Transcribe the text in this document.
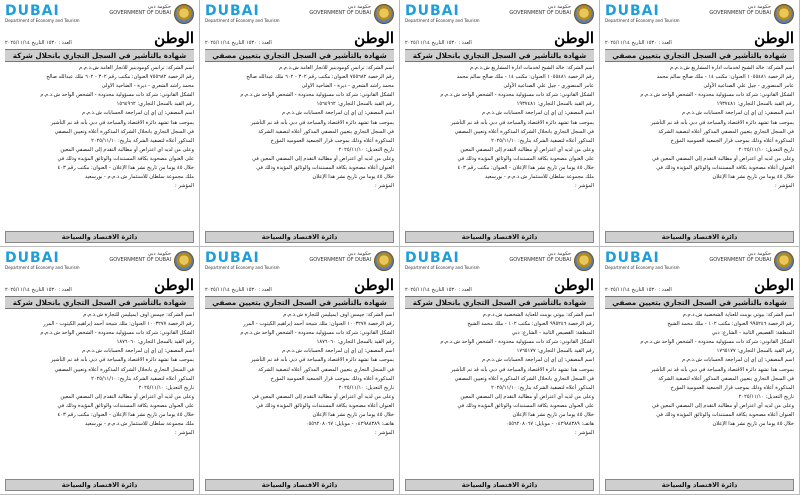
DUBAI
Department of Economy and Tourism
حكومة دبي
GOVERNMENT OF DUBAI
الوطن
العدد : ١٥٣٠ التاريخ ٢٠٢٥/١١/١٤
شهادة بالتأشير في السجل التجاري بانحلال شركة
اسم الشركة: ترانس كوموديتيز للاتجار العامة ش.ذ.م.م
رقم الرخصة ٧٥٥٦٨٢ العنوان: مكتب رقم ٣٠٢ - ٦٠٢ ملك عبدالله صالح
محمد راشد الشعري - ديرة - الضاحية الاولى
الشكل القانوني: شركة ذات مسؤولية محدودة - الشخص الواحد ش.ذ.م.م
رقم القيد بالسجل التجاري: ١٥٦٤٩٦٢
اسم المصفي: إن إي إن لمراجعة الحسابات ش.ذ.م.م
بموجب هذا تشهد دائرة الاقتصاد والسياحة في دبي بأنه قد تم التأشير
في السجل التجاري بانحلال الشركة المذكورة أعلاه وتعيين المصفي
المذكور أعلاه لتصفية الشركة بتاريخ: ٢٠٢٥/١١/١٠
وعلى من لديه اي اعتراض أو مطالبة التقدم إلى المصفي المعين
على العنوان مصحوبة بكافة المستندات والوثائق المؤيدة وذلك في
خلال ٤٥ يوما من تاريخ نشر هذا الإعلان - العنوان: مكتب رقم ٤٠٣
ملك مجموعة سلطان للاستثمار ش.ذ.م.م - بورسعيد
المؤشر :
دائرة الاقتصاد والسياحة
DUBAI
Department of Economy and Tourism
حكومة دبي
GOVERNMENT OF DUBAI
الوطن
العدد : ١٥٣٠ التاريخ ٢٠٢٥/١١/١٤
شهادة بالتأشير في السجل التجاري بتعيين مصفي
اسم الشركة: ترانس كوموديتيز للاتجار العامة ش.ذ.م.م
رقم الرخصة ٧٥٥٦٨٢ العنوان: مكتب رقم ٣٠٢ - ٦٠٢ ملك عبدالله صالح
محمد راشد الشعري - ديرة - الضاحية الاولى
الشكل القانوني: شركة ذات مسؤولية محدودة - الشخص الواحد ش.ذ.م.م
رقم القيد بالسجل التجاري: ١٥٦٤٩٦٢
اسم المصفي: إن إي إن لمراجعة الحسابات ش.ذ.م.م
بموجب هذا تشهد دائرة الاقتصاد والسياحة في دبي بأنه قد تم التأشير
في السجل التجاري بتعيين المصفي المذكور أعلاه لتصفية الشركة
المذكورة أعلاه وذلك بموجب قرار الجمعية العمومية المؤرخ
تاريخ التعديل: ٢٠٢٥/١١/١٠
وعلى من لديه أي اعتراض أو مطالبة التقدم إلى المصفي المعين في
العنوان أعلاه مصحوبة بكافة المستندات والوثائق المؤيدة وذلك في
خلال ٤٥ يوما من تاريخ نشر هذا الإعلان
المؤشر :
دائرة الاقتصاد والسياحة
DUBAI
Department of Economy and Tourism
حكومة دبي
GOVERNMENT OF DUBAI
الوطن
العدد : ١٥٣٠ التاريخ ٢٠٢٥/١١/١٤
شهادة بالتأشير في السجل التجاري بانحلال شركة
اسم الشركة: خالد الشيخ لخدمات ادارة المشاريع ش.ذ.م.م
رقم الرخصة ١٠٥٥٤٨١ العنوان: مكتب ١٤ - ملك صالح سالم محمد
عامر المنصوري - جبل علي الصناعية الأولى
الشكل القانوني: شركة ذات مسؤولية محدودة - الشخص الواحد ش.ذ.م.م
رقم القيد بالسجل التجاري: ١٩٣٧٤٨١
اسم المصفي: إن إي إن لمراجعة الحسابات ش.ذ.م.م
بموجب هذا تشهد دائرة الاقتصاد والسياحة في دبي بأنه قد تم التأشير
في السجل التجاري بانحلال الشركة المذكورة أعلاه وتعيين المصفي
المذكور أعلاه لتصفية الشركة بتاريخ: ٢٠٢٥/١١/١٠
وعلى من لديه أي اعتراض أو مطالبة التقدم إلى المصفي المعين
على العنوان مصحوبة بكافة المستندات والوثائق المؤيدة وذلك في
خلال ٤٥ يوما من تاريخ نشر هذا الإعلان - العنوان: مكتب رقم ٤٠٣
ملك مجموعة سلطان للاستثمار ش.ذ.م.م - بورسعيد
المؤشر :
دائرة الاقتصاد والسياحة
DUBAI
Department of Economy and Tourism
حكومة دبي
GOVERNMENT OF DUBAI
الوطن
العدد : ١٥٣٠ التاريخ ٢٠٢٥/١١/١٤
شهادة بالتأشير في السجل التجاري بتعيين مصفي
اسم الشركة: خالد الشيخ لخدمات ادارة المشاريع ش.ذ.م.م
رقم الرخصة ١٠٥٥٤٨١ العنوان: مكتب ١٤ - ملك صالح سالم محمد
عامر المنصوري - جبل علي الصناعية الأولى
الشكل القانوني: شركة ذات مسؤولية محدودة - الشخص الواحد ش.ذ.م.م
رقم القيد بالسجل التجاري: ١٩٣٧٤٨١
اسم المصفي: إن إي إن لمراجعة الحسابات ش.ذ.م.م
بموجب هذا تشهد دائرة الاقتصاد والسياحة في دبي بأنه قد تم التأشير
في السجل التجاري بتعيين المصفي المذكور أعلاه لتصفية الشركة
المذكورة أعلاه وذلك بموجب قرار الجمعية العمومية المؤرخ
تاريخ التعديل: ٢٠٢٥/١١/١٠
وعلى من لديه أي اعتراض أو مطالبة التقدم إلى المصفي المعين في
العنوان أعلاه مصحوبة بكافة المستندات والوثائق المؤيدة وذلك في
خلال ٤٥ يوما من تاريخ نشر هذا الإعلان
المؤشر :
دائرة الاقتصاد والسياحة
DUBAI
Department of Economy and Tourism
حكومة دبي
GOVERNMENT OF DUBAI
الوطن
العدد : ١٥٣٠ التاريخ ٢٠٢٥/١١/١٤
شهادة بالتأشير في السجل التجاري بانحلال شركة
اسم الشركة: جيمس اوف ايميليس للتجارة ش.ذ.م.م
رقم الرخصة ١٠٠٣٢٧٧ العنوان: ملك شيخة أحمد إبراهيم الكيتوب - المرر
الشكل القانوني: شركة ذات مسؤولية محدودة - الشخص الواحد ش.ذ.م.م
رقم القيد بالسجل التجاري: ١٨٧٦٠٦٠
اسم المصفي: إن إي إن لمراجعة الحسابات ش.ذ.م.م
بموجب هذا تشهد دائرة الاقتصاد والسياحة في دبي بأنه قد تم التأشير
في السجل التجاري بانحلال الشركة المذكورة أعلاه وتعيين المصفي
المذكور أعلاه لتصفية الشركة بتاريخ: ٢٠٢٥/١١/١٠
تاريخ التعديل: ٢٠٢٥/١١/١٠
وعلى من لديه أي اعتراض أو مطالبة التقدم إلى المصفي المعين
على العنوان مصحوبة بكافة المستندات والوثائق المؤيدة وذلك في
خلال ٤٥ يوما من تاريخ نشر هذا الإعلان - العنوان: مكتب رقم ٤٠٣
ملك مجموعة سلطان للاستثمار ش.ذ.م.م - بورسعيد
المؤشر :
دائرة الاقتصاد والسياحة
DUBAI
Department of Economy and Tourism
حكومة دبي
GOVERNMENT OF DUBAI
الوطن
العدد : ١٥٣٠ التاريخ ٢٠٢٥/١١/١٤
شهادة بالتأشير في السجل التجاري بتعيين مصفي
اسم الشركة: جيمس اوف ايميليس للتجارة ش.ذ.م.م
رقم الرخصة ١٠٠٣٢٧٧ العنوان: ملك شيخة أحمد إبراهيم الكيتوب - المرر
الشكل القانوني: شركة ذات مسؤولية محدودة - الشخص الواحد ش.ذ.م.م
رقم القيد بالسجل التجاري: ١٨٧٦٠٦٠
اسم المصفي: إن إي إن لمراجعة الحسابات ش.ذ.م.م
بموجب هذا تشهد دائرة الاقتصاد والسياحة في دبي بأنه قد تم التأشير
في السجل التجاري بتعيين المصفي المذكور أعلاه لتصفية الشركة
المذكورة أعلاه وذلك بموجب قرار الجمعية العمومية المؤرخ
تاريخ التعديل: ٢٠٢٥/١١/١٠
وعلى من لديه أي اعتراض أو مطالبة التقدم إلى المصفي المعين في
العنوان أعلاه مصحوبة بكافة المستندات والوثائق المؤيدة وذلك في
خلال ٤٥ يوما من تاريخ نشر هذا الإعلان
هاتف: ٠٤٢٩٨٨٣٨٩ - موبايل: ٠٥٥٦٢٠٨٠٦٧
المؤشر :
دائرة الاقتصاد والسياحة
DUBAI
Department of Economy and Tourism
حكومة دبي
GOVERNMENT OF DUBAI
الوطن
العدد : ١٥٣٠ التاريخ ٢٠٢٥/١١/١٤
شهادة بالتأشير في السجل التجاري بانحلال شركة
اسم الشركة: بيوتي بوينت للعناية الشخصية ش.ذ.م.م
رقم الرخصة ٩٩٥٢٤٦ العنوان: مكتب ١٠٢ - ملك محمد الشيخ
المنطقة: القصيص الثانية - الشارع: دبي
الشكل القانوني: شركة ذات مسؤولية محدودة - الشخص الواحد ش.ذ.م.م
رقم القيد بالسجل التجاري: ١٧٦٥١٧٧
اسم المصفي: إن إي إن لمراجعة الحسابات ش.ذ.م.م
بموجب هذا تشهد دائرة الاقتصاد والسياحة في دبي بأنه قد تم التأشير
في السجل التجاري بانحلال الشركة المذكورة أعلاه وتعيين المصفي
المذكور أعلاه لتصفية الشركة بتاريخ: ٢٠٢٥/١١/١٠
وعلى من لديه أي اعتراض أو مطالبة التقدم إلى المصفي المعين
على العنوان مصحوبة بكافة المستندات والوثائق المؤيدة وذلك في
خلال ٤٥ يوما من تاريخ نشر هذا الإعلان
هاتف: ٠٤٢٩٨٨٣٨٩ - موبايل: ٠٥٥٦٢٠٨٠٦٧
المؤشر :
دائرة الاقتصاد والسياحة
DUBAI
Department of Economy and Tourism
حكومة دبي
GOVERNMENT OF DUBAI
الوطن
العدد : ١٥٣٠ التاريخ ٢٠٢٥/١١/١٤
شهادة بالتأشير في السجل التجاري بتعيين مصفي
اسم الشركة: بيوتي بوينت للعناية الشخصية ش.ذ.م.م
رقم الرخصة ٩٩٥٢٤٦ العنوان: مكتب ١٠٢ - ملك محمد الشيخ
المنطقة: القصيص الثانية - الشارع: دبي
الشكل القانوني: شركة ذات مسؤولية محدودة - الشخص الواحد ش.ذ.م.م
رقم القيد بالسجل التجاري: ١٧٦٥١٧٧
اسم المصفي: إن إي إن لمراجعة الحسابات ش.ذ.م.م
بموجب هذا تشهد دائرة الاقتصاد والسياحة في دبي بأنه قد تم التأشير
في السجل التجاري بتعيين المصفي المذكور أعلاه لتصفية الشركة
المذكورة أعلاه وذلك بموجب قرار الجمعية العمومية المؤرخ
تاريخ التعديل: ٢٠٢٥/١١/١٠
وعلى من لديه أي اعتراض أو مطالبة التقدم إلى المصفي المعين في
العنوان أعلاه مصحوبة بكافة المستندات والوثائق المؤيدة وذلك في
خلال ٤٥ يوما من تاريخ نشر هذا الإعلان
دائرة الاقتصاد والسياحة
